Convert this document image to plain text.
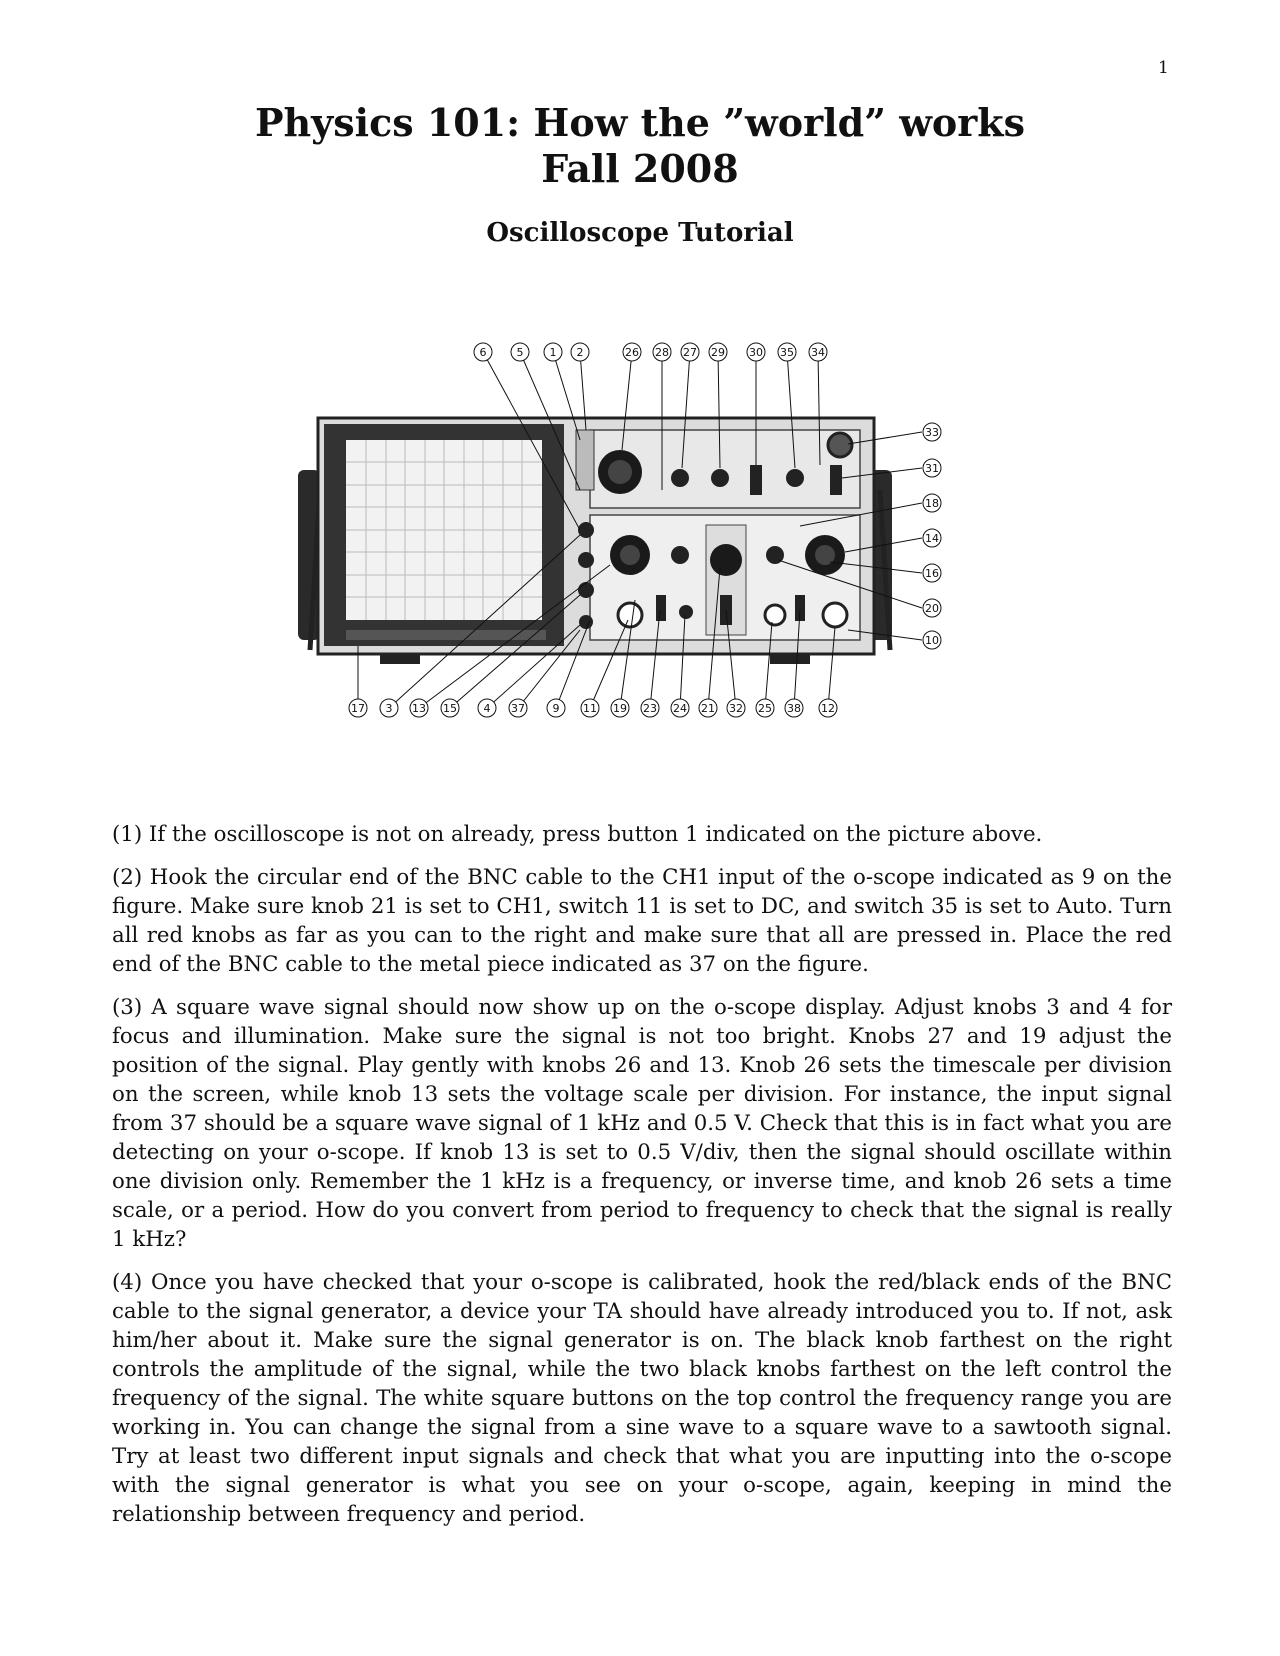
1
Physics 101: How the ”world” works
Fall 2008
Oscilloscope Tutorial
6	5 1 2	26 28 27 29 30 35 34
33
31
18
14
16
20
10
17 3 13 15 4 37	9 11 19 23 24 21 32 25 38 12

(1) If the oscilloscope is not on already, press button 1 indicated on the picture above.

(2) Hook the circular end of the BNC cable to the CH1 input of the o-scope indicated as 9 on the figure. Make sure knob 21 is set to CH1, switch 11 is set to DC, and switch 35 is set to Auto. Turn all red knobs as far as you can to the right and make sure that all are pressed in. Place the red end of the BNC cable to the metal piece indicated as 37 on the figure.

(3) A square wave signal should now show up on the o-scope display. Adjust knobs 3 and 4 for focus and illumination. Make sure the signal is not too bright. Knobs 27 and 19 adjust the position of the signal. Play gently with knobs 26 and 13. Knob 26 sets the timescale per division on the screen, while knob 13 sets the voltage scale per division. For instance, the input signal from 37 should be a square wave signal of 1 kHz and 0.5 V. Check that this is in fact what you are detecting on your o-scope. If knob 13 is set to 0.5 V/div, then the signal should oscillate within one division only. Remember the 1 kHz is a frequency, or inverse time, and knob 26 sets a time scale, or a period. How do you convert from period to frequency to check that the signal is really 1 kHz?

(4) Once you have checked that your o-scope is calibrated, hook the red/black ends of the BNC cable to the signal generator, a device your TA should have already introduced you to. If not, ask him/her about it. Make sure the signal generator is on. The black knob farthest on the right controls the amplitude of the signal, while the two black knobs farthest on the left control the frequency of the signal. The white square buttons on the top control the frequency range you are working in. You can change the signal from a sine wave to a square wave to a sawtooth signal. Try at least two different input signals and check that what you are inputting into the o-scope with the signal generator is what you see on your o-scope, again, keeping in mind the relationship between frequency and period.
